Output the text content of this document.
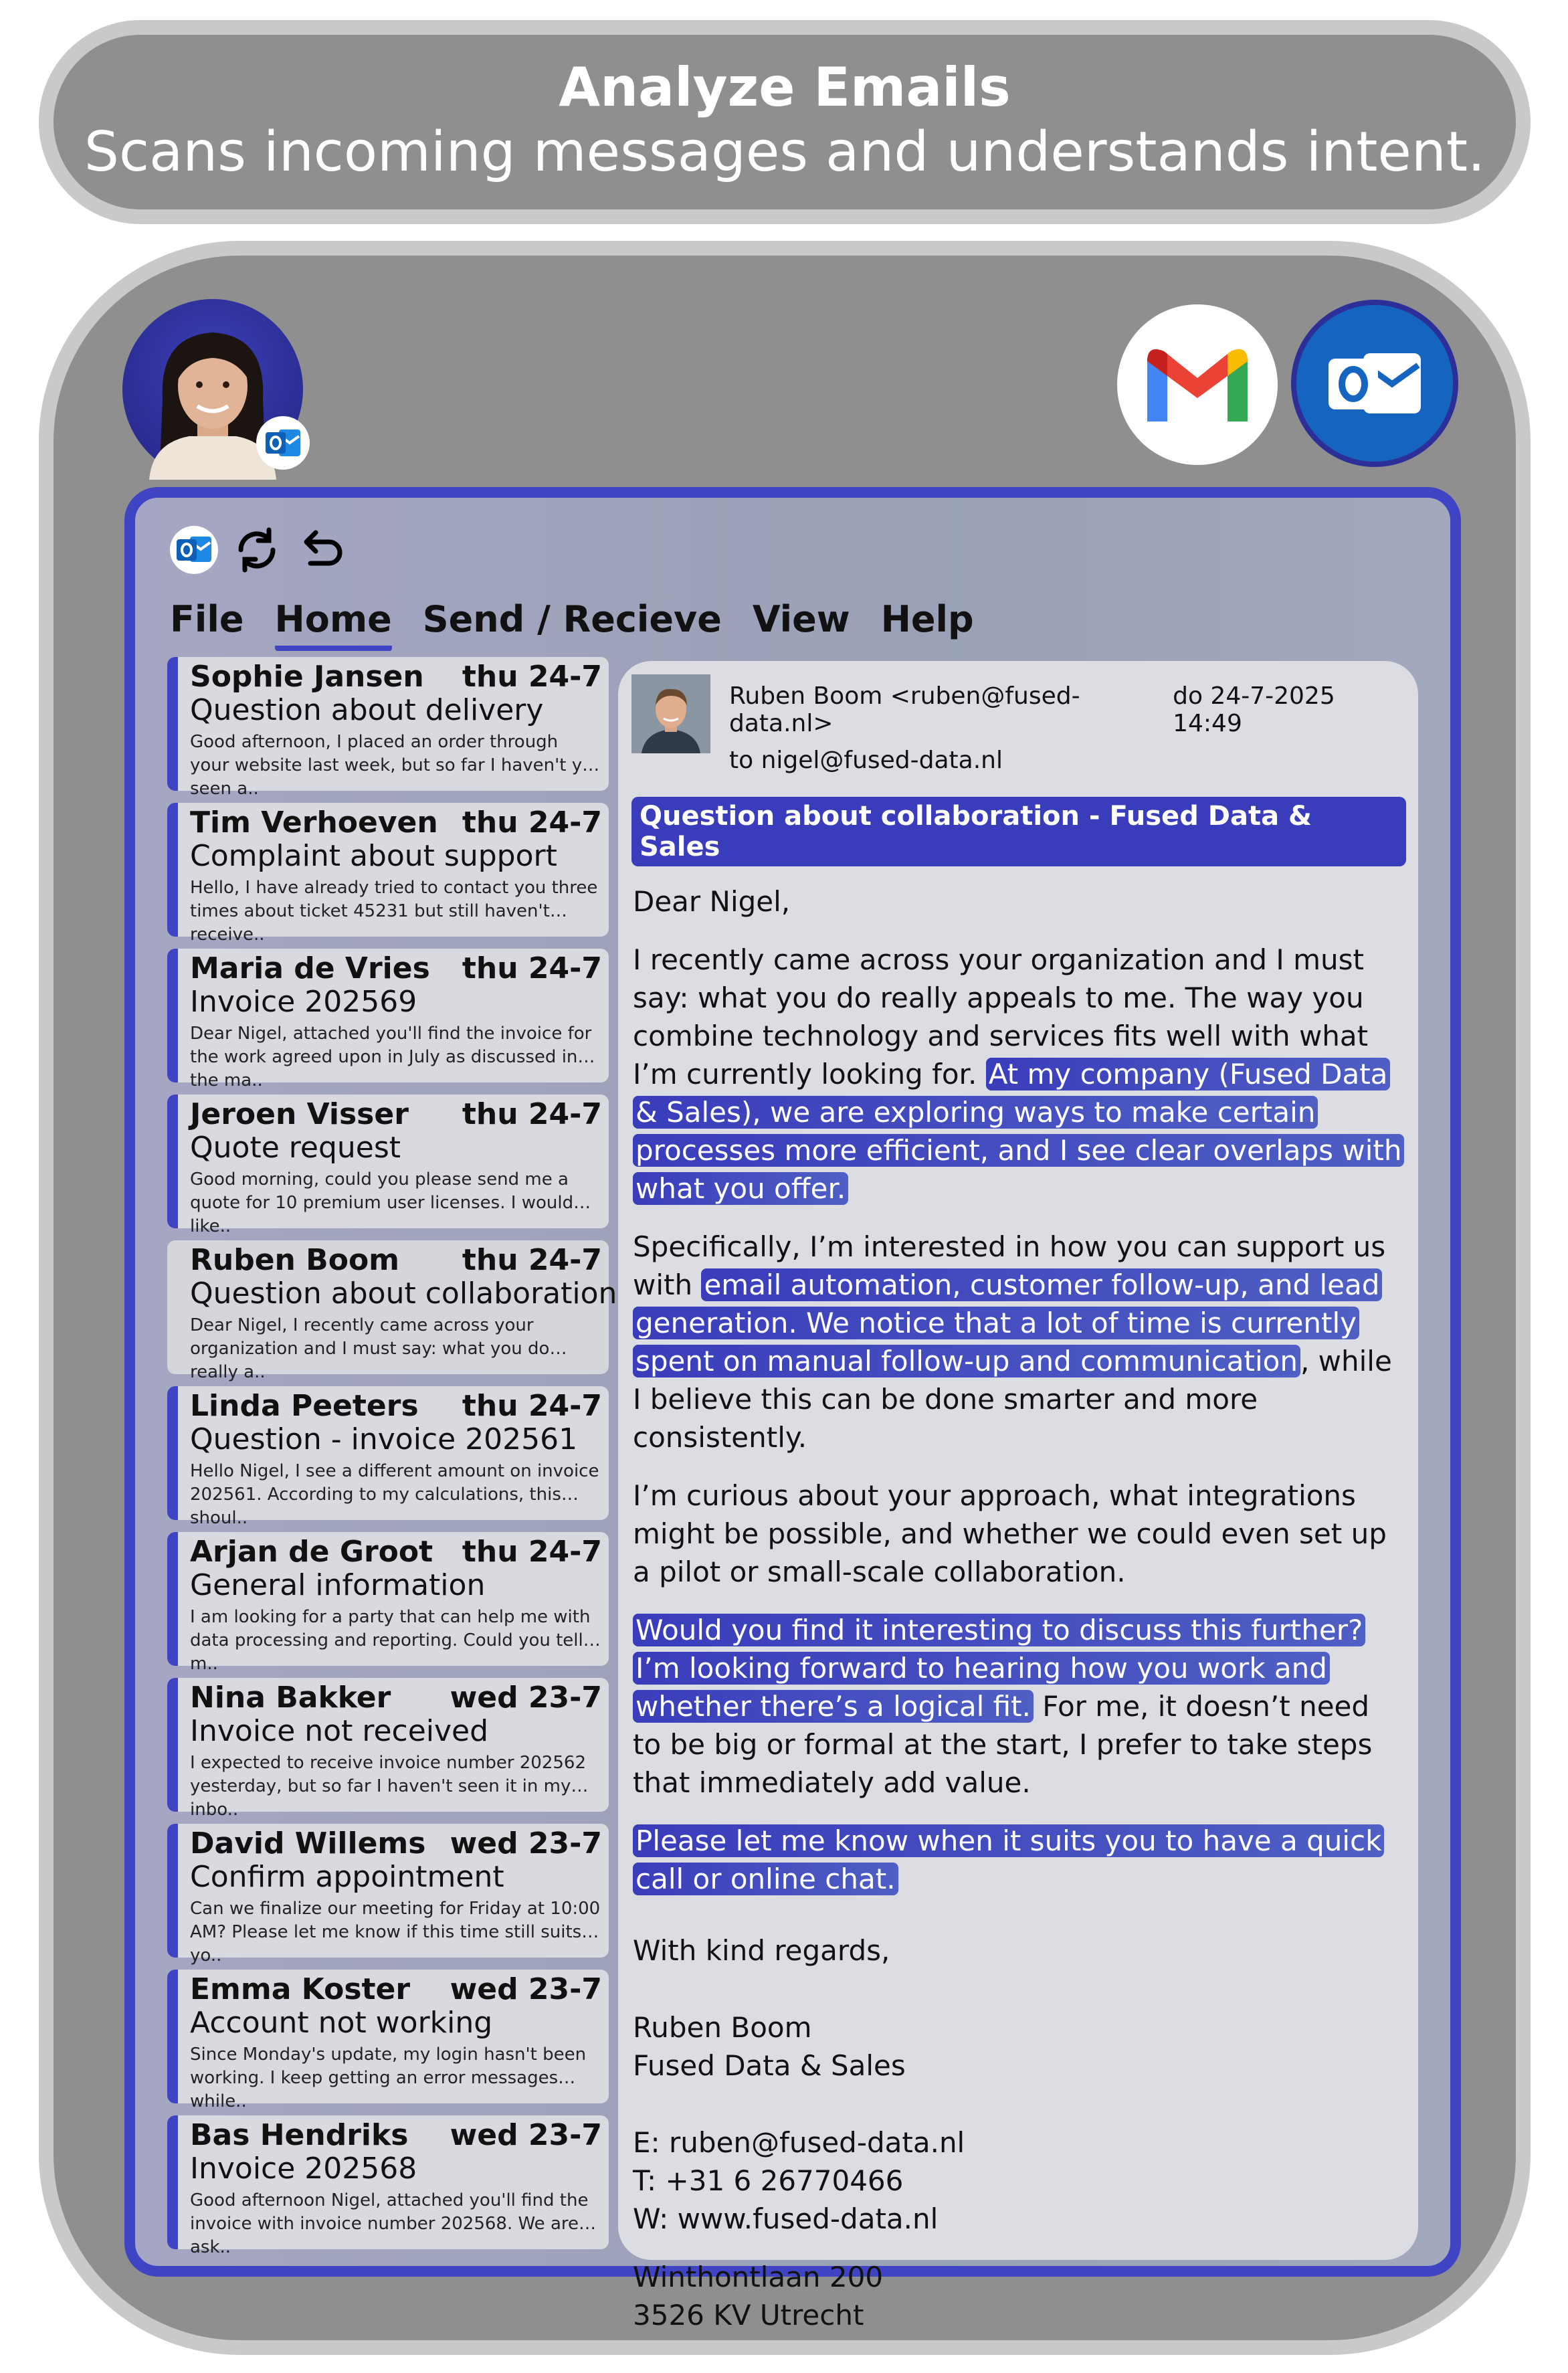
Analyze Emails
Scans incoming messages and understands intent.
File Home Send / Recieve View Help
Sophie Jansen thu 24-7
Question about delivery
Good afternoon, I placed an order through your website last week, but so far I haven't yet seen a..
Tim Verhoeven thu 24-7
Complaint about support
Hello, I have already tried to contact you three times about ticket 45231 but still haven't receive..
Maria de Vries thu 24-7
Invoice 202569
Dear Nigel, attached you'll find the invoice for the work agreed upon in July as discussed in the ma..
Jeroen Visser thu 24-7
Quote request
Good morning, could you please send me a quote for 10 premium user licenses. I would like..
Ruben Boom thu 24-7
Question about collaboration
Dear Nigel, I recently came across your organization and I must say: what you do really a..
Linda Peeters thu 24-7
Question - invoice 202561
Hello Nigel, I see a different amount on invoice 202561. According to my calculations, this shoul..
Arjan de Groot thu 24-7
General information
I am looking for a party that can help me with data processing and reporting. Could you tell m..
Nina Bakker wed 23-7
Invoice not received
I expected to receive invoice number 202562 yesterday, but so far I haven't seen it in my inbo..
David Willems wed 23-7
Confirm appointment
Can we finalize our meeting for Friday at 10:00 AM? Please let me know if this time still suits yo..
Emma Koster wed 23-7
Account not working
Since Monday's update, my login hasn't been working. I keep getting an error messages while..
Bas Hendriks wed 23-7
Invoice 202568
Good afternoon Nigel, attached you'll find the invoice with invoice number 202568. We are ask..
Ruben Boom <ruben@fused-data.nl>
do 24-7-2025 14:49
to nigel@fused-data.nl
Question about collaboration - Fused Data & Sales

Dear Nigel,

I recently came across your organization and I must say: what you do really appeals to me. The way you combine technology and services fits well with what I’m currently looking for. At my company (Fused Data & Sales), we are exploring ways to make certain processes more efficient, and I see clear overlaps with what you offer.

Specifically, I’m interested in how you can support us with email automation, customer follow-up, and lead generation. We notice that a lot of time is currently spent on manual follow-up and communication, while I believe this can be done smarter and more consistently.

I’m curious about your approach, what integrations might be possible, and whether we could even set up a pilot or small-scale collaboration.

Would you find it interesting to discuss this further? I’m looking forward to hearing how you work and whether there’s a logical fit. For me, it doesn’t need to be big or formal at the start, I prefer to take steps that immediately add value.

Please let me know when it suits you to have a quick call or online chat.

With kind regards,

Ruben Boom

Fused Data & Sales

E: ruben@fused-data.nl

T: +31 6 26770466

W: www.fused-data.nl

Winthontlaan 200

3526 KV Utrecht
